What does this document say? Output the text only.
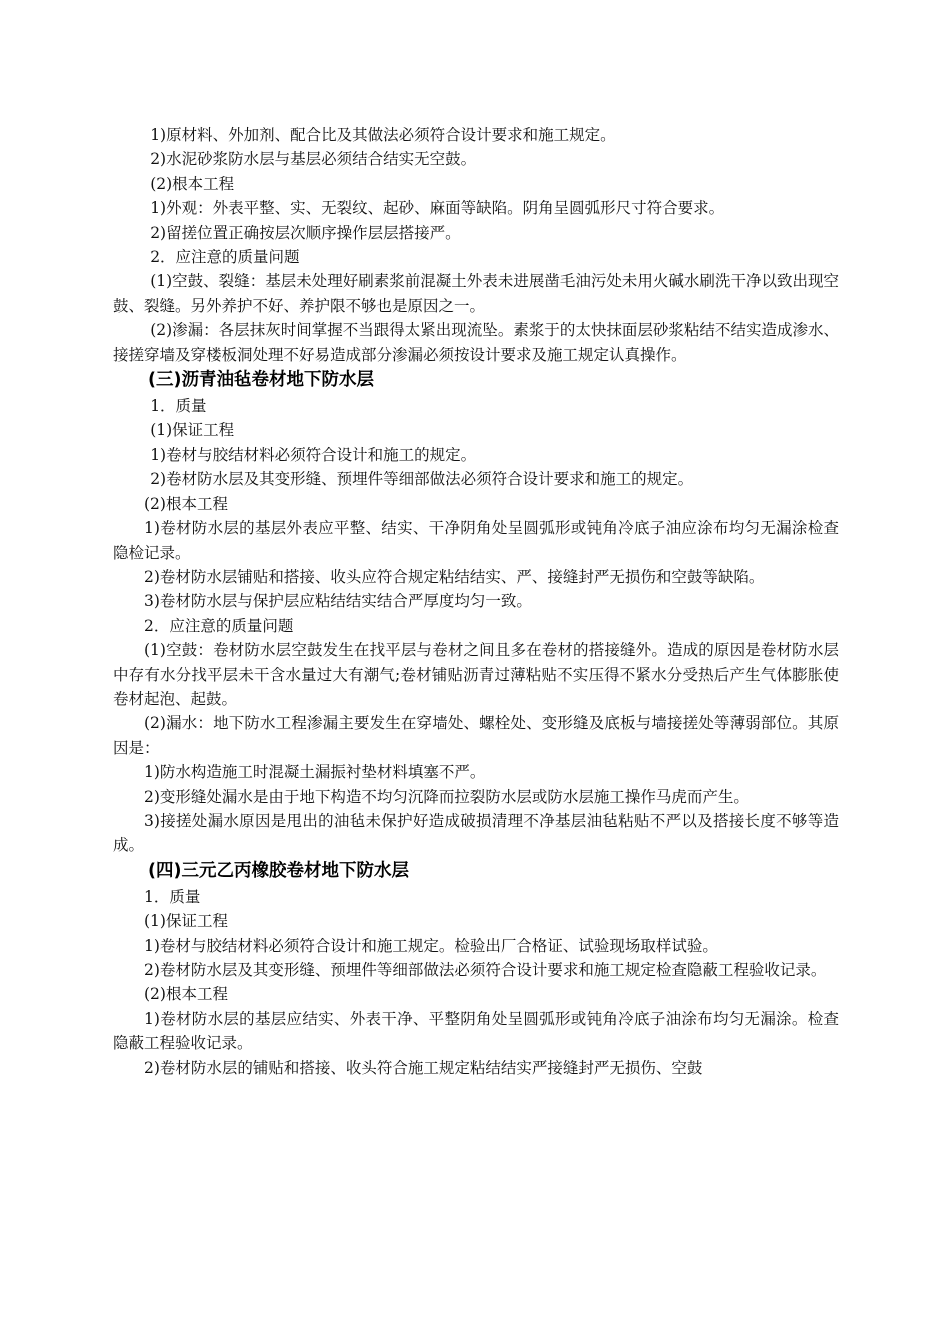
1)原材料、外加剂、配合比及其做法必须符合设计要求和施工规定。

2)水泥砂浆防水层与基层必须结合结实无空鼓。

(2)根本工程

1)外观：外表平整、实、无裂纹、起砂、麻面等缺陷。阴角呈圆弧形尺寸符合要求。

2)留搓位置正确按层次顺序操作层层搭接严。

2．应注意的质量问题

(1)空鼓、裂缝：基层未处理好刷素浆前混凝土外表未进展凿毛油污处未用火碱水刷洗干净以致出现空鼓、裂缝。另外养护不好、养护限不够也是原因之一。

(2)渗漏：各层抹灰时间掌握不当跟得太紧出现流坠。素浆于的太快抹面层砂浆粘结不结实造成渗水、接搓穿墙及穿楼板洞处理不好易造成部分渗漏必须按设计要求及施工规定认真操作。

(三)沥青油毡卷材地下防水层

1．质量

(1)保证工程

1)卷材与胶结材料必须符合设计和施工的规定。

2)卷材防水层及其变形缝、预埋件等细部做法必须符合设计要求和施工的规定。

(2)根本工程

1)卷材防水层的基层外表应平整、结实、干净阴角处呈圆弧形或钝角冷底子油应涂布均匀无漏涂检查隐检记录。

2)卷材防水层铺贴和搭接、收头应符合规定粘结结实、严、接缝封严无损伤和空鼓等缺陷。

3)卷材防水层与保护层应粘结结实结合严厚度均匀一致。

2．应注意的质量问题

(1)空鼓：卷材防水层空鼓发生在找平层与卷材之间且多在卷材的搭接缝外。造成的原因是卷材防水层中存有水分找平层未干含水量过大有潮气;卷材铺贴沥青过薄粘贴不实压得不紧水分受热后产生气体膨胀使卷材起泡、起鼓。

(2)漏水：地下防水工程渗漏主要发生在穿墙处、螺栓处、变形缝及底板与墙接搓处等薄弱部位。其原因是：

1)防水构造施工时混凝土漏振衬垫材料填塞不严。

2)变形缝处漏水是由于地下构造不均匀沉降而拉裂防水层或防水层施工操作马虎而产生。

3)接搓处漏水原因是甩出的油毡未保护好造成破损清理不净基层油毡粘贴不严以及搭接长度不够等造成。

(四)三元乙丙橡胶卷材地下防水层

1．质量

(1)保证工程

1)卷材与胶结材料必须符合设计和施工规定。检验出厂合格证、试验现场取样试验。

2)卷材防水层及其变形缝、预埋件等细部做法必须符合设计要求和施工规定检查隐蔽工程验收记录。

(2)根本工程

1)卷材防水层的基层应结实、外表干净、平整阴角处呈圆弧形或钝角冷底子油涂布均匀无漏涂。检查隐蔽工程验收记录。

2)卷材防水层的铺贴和搭接、收头符合施工规定粘结结实严接缝封严无损伤、空鼓
